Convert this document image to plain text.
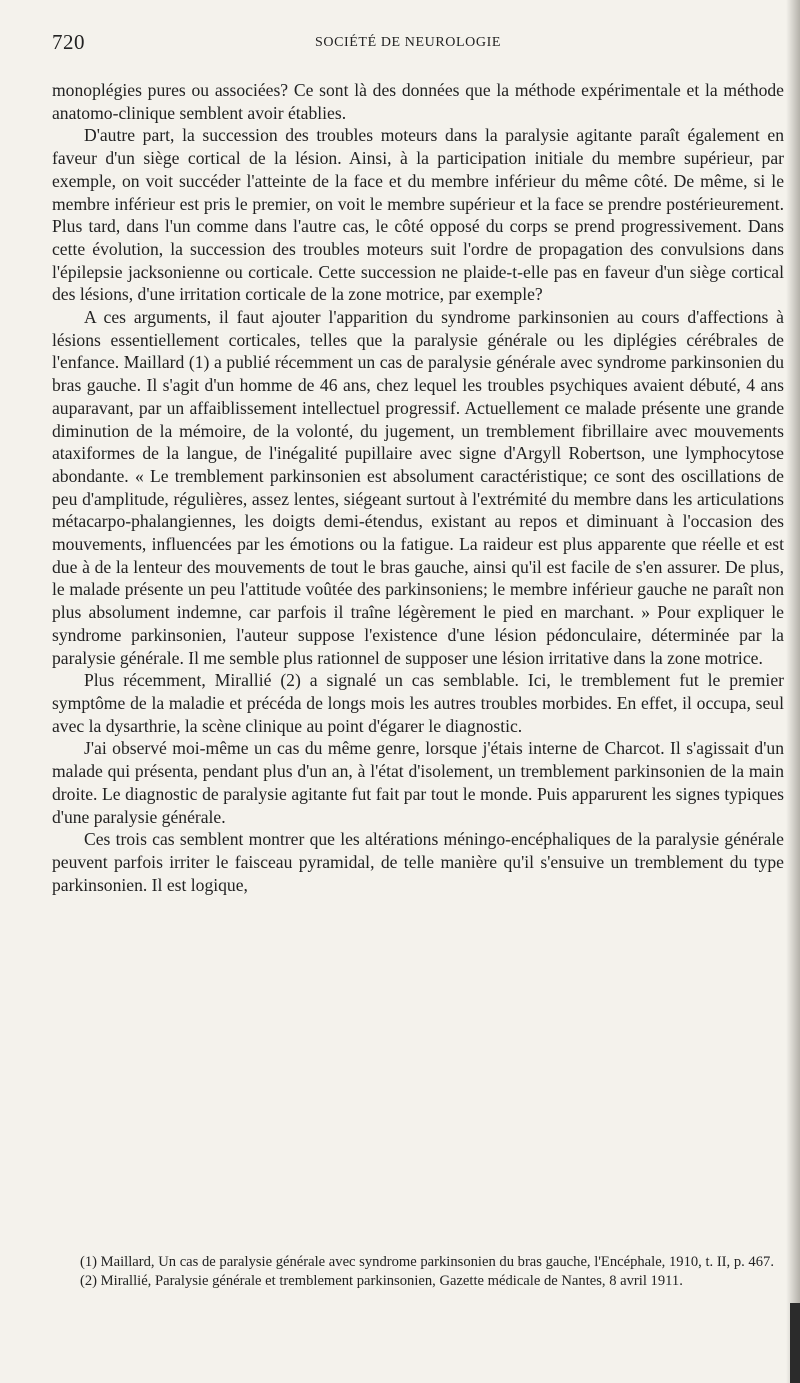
720	SOCIÉTÉ DE NEUROLOGIE

monoplégies pures ou associées? Ce sont là des données que la méthode expérimentale et la méthode anatomo-clinique semblent avoir établies.

D'autre part, la succession des troubles moteurs dans la paralysie agitante paraît également en faveur d'un siège cortical de la lésion. Ainsi, à la participation initiale du membre supérieur, par exemple, on voit succéder l'atteinte de la face et du membre inférieur du même côté. De même, si le membre inférieur est pris le premier, on voit le membre supérieur et la face se prendre postérieurement. Plus tard, dans l'un comme dans l'autre cas, le côté opposé du corps se prend progressivement. Dans cette évolution, la succession des troubles moteurs suit l'ordre de propagation des convulsions dans l'épilepsie jacksonienne ou corticale. Cette succession ne plaide-t-elle pas en faveur d'un siège cortical des lésions, d'une irritation corticale de la zone motrice, par exemple?

A ces arguments, il faut ajouter l'apparition du syndrome parkinsonien au cours d'affections à lésions essentiellement corticales, telles que la paralysie générale ou les diplégies cérébrales de l'enfance. Maillard (1) a publié récemment un cas de paralysie générale avec syndrome parkinsonien du bras gauche. Il s'agit d'un homme de 46 ans, chez lequel les troubles psychiques avaient débuté, 4 ans auparavant, par un affaiblissement intellectuel progressif. Actuellement ce malade présente une grande diminution de la mémoire, de la volonté, du jugement, un tremblement fibrillaire avec mouvements ataxiformes de la langue, de l'inégalité pupillaire avec signe d'Argyll Robertson, une lymphocytose abondante. « Le tremblement parkinsonien est absolument caractéristique; ce sont des oscillations de peu d'amplitude, régulières, assez lentes, siégeant surtout à l'extrémité du membre dans les articulations métacarpo-phalangiennes, les doigts demi-étendus, existant au repos et diminuant à l'occasion des mouvements, influencées par les émotions ou la fatigue. La raideur est plus apparente que réelle et est due à de la lenteur des mouvements de tout le bras gauche, ainsi qu'il est facile de s'en assurer. De plus, le malade présente un peu l'attitude voûtée des parkinsoniens; le membre inférieur gauche ne paraît non plus absolument indemne, car parfois il traîne légèrement le pied en marchant. » Pour expliquer le syndrome parkinsonien, l'auteur suppose l'existence d'une lésion pédonculaire, déterminée par la paralysie générale. Il me semble plus rationnel de supposer une lésion irritative dans la zone motrice.

Plus récemment, Mirallié (2) a signalé un cas semblable. Ici, le tremblement fut le premier symptôme de la maladie et précéda de longs mois les autres troubles morbides. En effet, il occupa, seul avec la dysarthrie, la scène clinique au point d'égarer le diagnostic.

J'ai observé moi-même un cas du même genre, lorsque j'étais interne de Charcot. Il s'agissait d'un malade qui présenta, pendant plus d'un an, à l'état d'isolement, un tremblement parkinsonien de la main droite. Le diagnostic de paralysie agitante fut fait par tout le monde. Puis apparurent les signes typiques d'une paralysie générale.

Ces trois cas semblent montrer que les altérations méningo-encéphaliques de la paralysie générale peuvent parfois irriter le faisceau pyramidal, de telle manière qu'il s'ensuive un tremblement du type parkinsonien. Il est logique,

(1) Maillard, Un cas de paralysie générale avec syndrome parkinsonien du bras gauche, l'Encéphale, 1910, t. II, p. 467.

(2) Mirallié, Paralysie générale et tremblement parkinsonien, Gazette médicale de Nantes, 8 avril 1911.
